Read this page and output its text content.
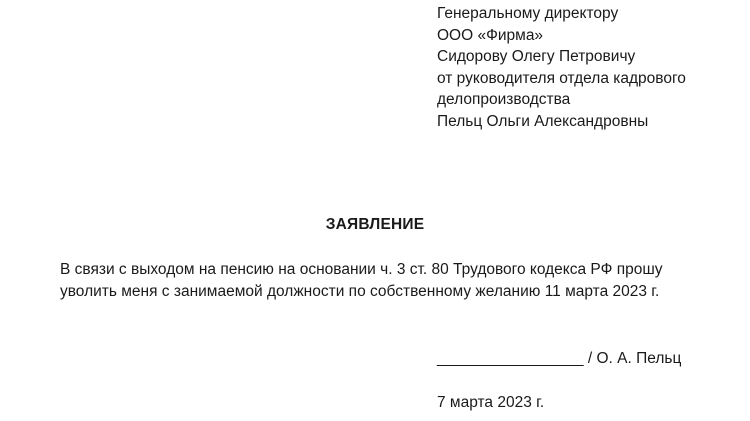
Генеральному директору
ООО «Фирма»
Сидорову Олегу Петровичу
от руководителя отдела кадрового
делопроизводства
Пельц Ольги Александровны
ЗАЯВЛЕНИЕ
В связи с выходом на пенсию на основании ч. 3 ст. 80 Трудового кодекса РФ прошу
уволить меня с занимаемой должности по собственному желанию 11 марта 2023 г.
_________________ / О. А. Пельц
7 марта 2023 г.
